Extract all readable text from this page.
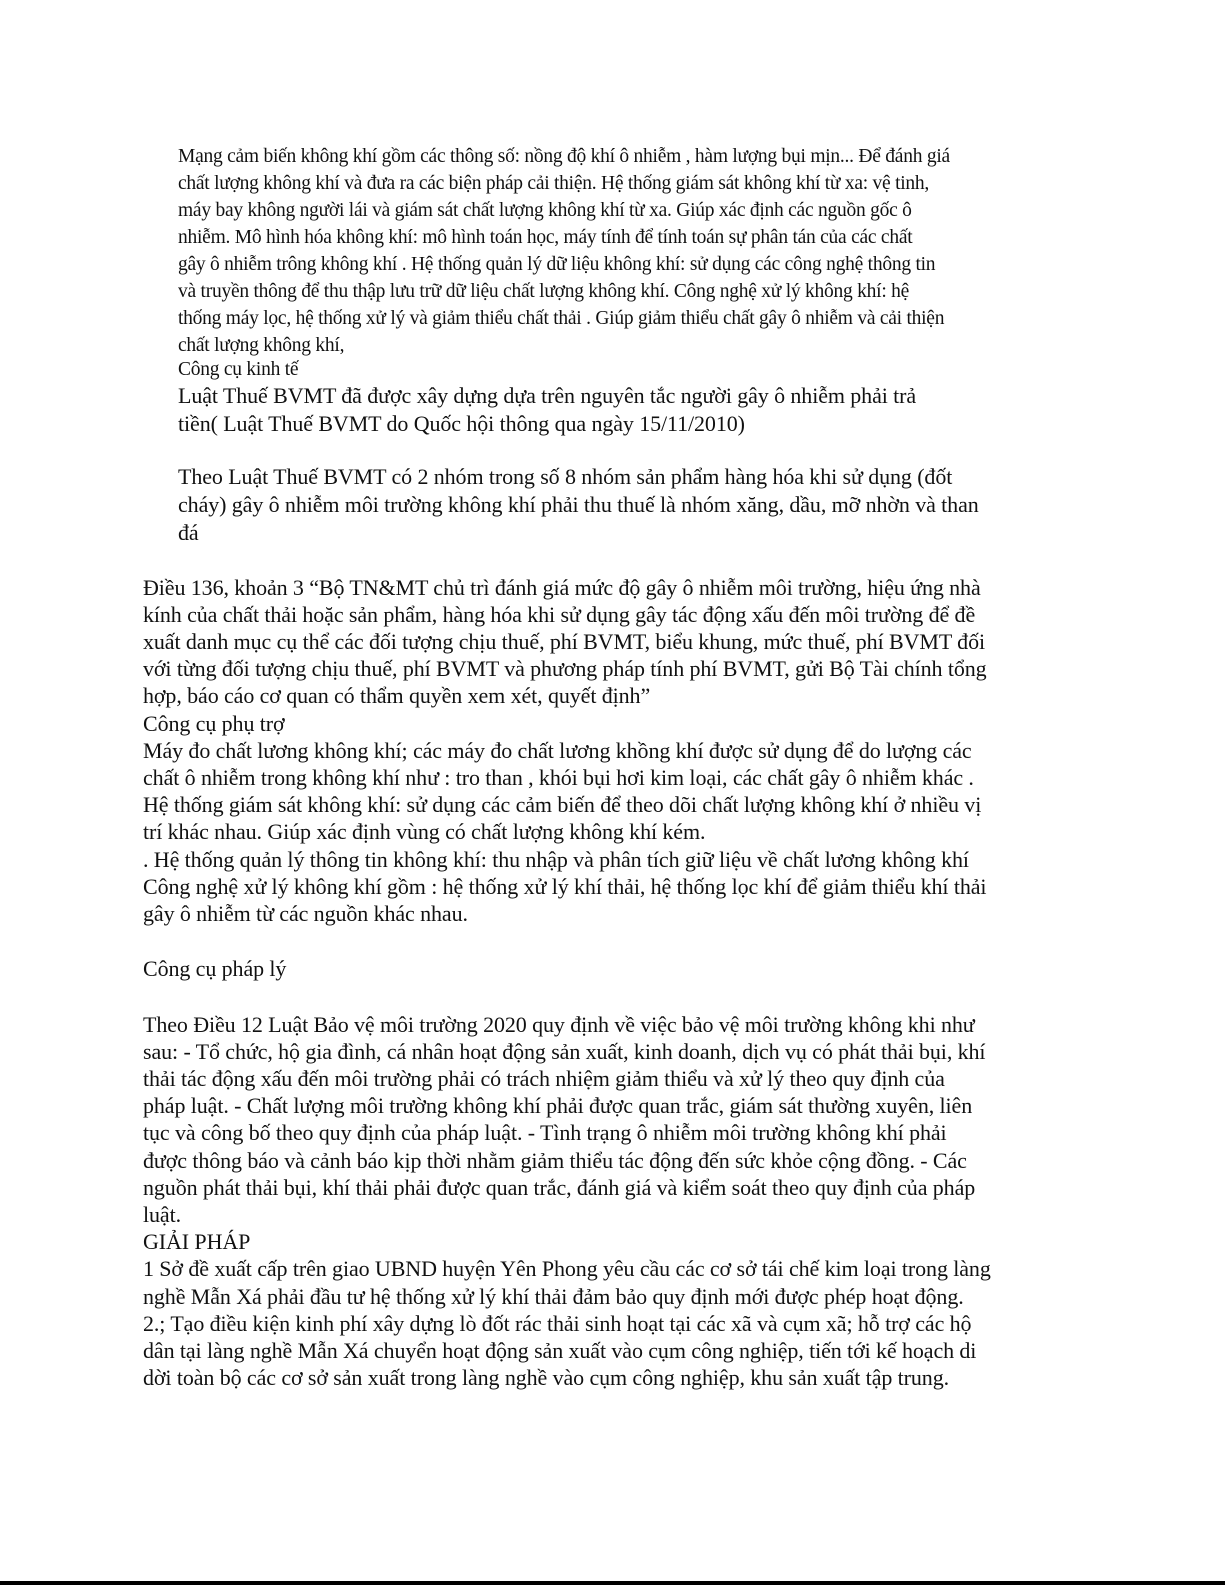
Mạng cảm biến không khí gồm các thông số: nồng độ khí ô nhiễm , hàm lượng bụi mịn... Để đánh giá

chất lượng không khí và đưa ra các biện pháp cải thiện. Hệ thống giám sát không khí từ xa: vệ tinh,

máy bay không người lái và giám sát chất lượng không khí từ xa. Giúp xác định các nguồn gốc ô

nhiễm. Mô hình hóa không khí: mô hình toán học, máy tính để tính toán sự phân tán của các chất

gây ô nhiễm trông không khí . Hệ thống quản lý dữ liệu không khí: sử dụng các công nghệ thông tin

và truyền thông để thu thập lưu trữ dữ liệu chất lượng không khí. Công nghệ xử lý không khí: hệ

thống máy lọc, hệ thống xử lý và giảm thiểu chất thải . Giúp giảm thiểu chất gây ô nhiễm và cải thiện

chất lượng không khí,

Công cụ kinh tế

Luật Thuế BVMT đã được xây dựng dựa trên nguyên tắc người gây ô nhiễm phải trả

tiền( Luật Thuế BVMT do Quốc hội thông qua ngày 15/11/2010)

Theo Luật Thuế BVMT có 2 nhóm trong số 8 nhóm sản phẩm hàng hóa khi sử dụng (đốt

cháy) gây ô nhiễm môi trường không khí phải thu thuế là nhóm xăng, dầu, mỡ nhờn và than

đá

Điều 136, khoản 3 “Bộ TN&MT chủ trì đánh giá mức độ gây ô nhiễm môi trường, hiệu ứng nhà

kính của chất thải hoặc sản phẩm, hàng hóa khi sử dụng gây tác động xấu đến môi trường để đề

xuất danh mục cụ thể các đối tượng chịu thuế, phí BVMT, biểu khung, mức thuế, phí BVMT đối

với từng đối tượng chịu thuế, phí BVMT và phương pháp tính phí BVMT, gửi Bộ Tài chính tổng

hợp, báo cáo cơ quan có thẩm quyền xem xét, quyết định”

Công cụ phụ trợ

Máy đo chất lương không khí; các máy đo chất lương khồng khí được sử dụng để do lượng các

chất ô nhiễm trong không khí như : tro than , khói bụi hơi kim loại, các chất gây ô nhiễm khác .

Hệ thống giám sát không khí: sử dụng các cảm biến để theo dõi chất lượng không khí ở nhiều vị

trí khác nhau. Giúp xác định vùng có chất lượng không khí kém.

. Hệ thống quản lý thông tin không khí: thu nhập và phân tích giữ liệu về chất lương không khí

Công nghệ xử lý không khí gồm : hệ thống xử lý khí thải, hệ thống lọc khí để giảm thiểu khí thải

gây ô nhiễm từ các nguồn khác nhau.

Công cụ pháp lý

Theo Điều 12 Luật Bảo vệ môi trường 2020 quy định về việc bảo vệ môi trường không khi như

sau: - Tổ chức, hộ gia đình, cá nhân hoạt động sản xuất, kinh doanh, dịch vụ có phát thải bụi, khí

thải tác động xấu đến môi trường phải có trách nhiệm giảm thiểu và xử lý theo quy định của

pháp luật. - Chất lượng môi trường không khí phải được quan trắc, giám sát thường xuyên, liên

tục và công bố theo quy định của pháp luật. - Tình trạng ô nhiễm môi trường không khí phải

được thông báo và cảnh báo kịp thời nhằm giảm thiểu tác động đến sức khỏe cộng đồng. - Các

nguồn phát thải bụi, khí thải phải được quan trắc, đánh giá và kiểm soát theo quy định của pháp

luật.

GIẢI PHÁP

1 Sở đề xuất cấp trên giao UBND huyện Yên Phong yêu cầu các cơ sở tái chế kim loại trong làng

nghề Mẫn Xá phải đầu tư hệ thống xử lý khí thải đảm bảo quy định mới được phép hoạt động.

2.; Tạo điều kiện kinh phí xây dựng lò đốt rác thải sinh hoạt tại các xã và cụm xã; hỗ trợ các hộ

dân tại làng nghề Mẫn Xá chuyển hoạt động sản xuất vào cụm công nghiệp, tiến tới kế hoạch di

dời toàn bộ các cơ sở sản xuất trong làng nghề vào cụm công nghiệp, khu sản xuất tập trung.
